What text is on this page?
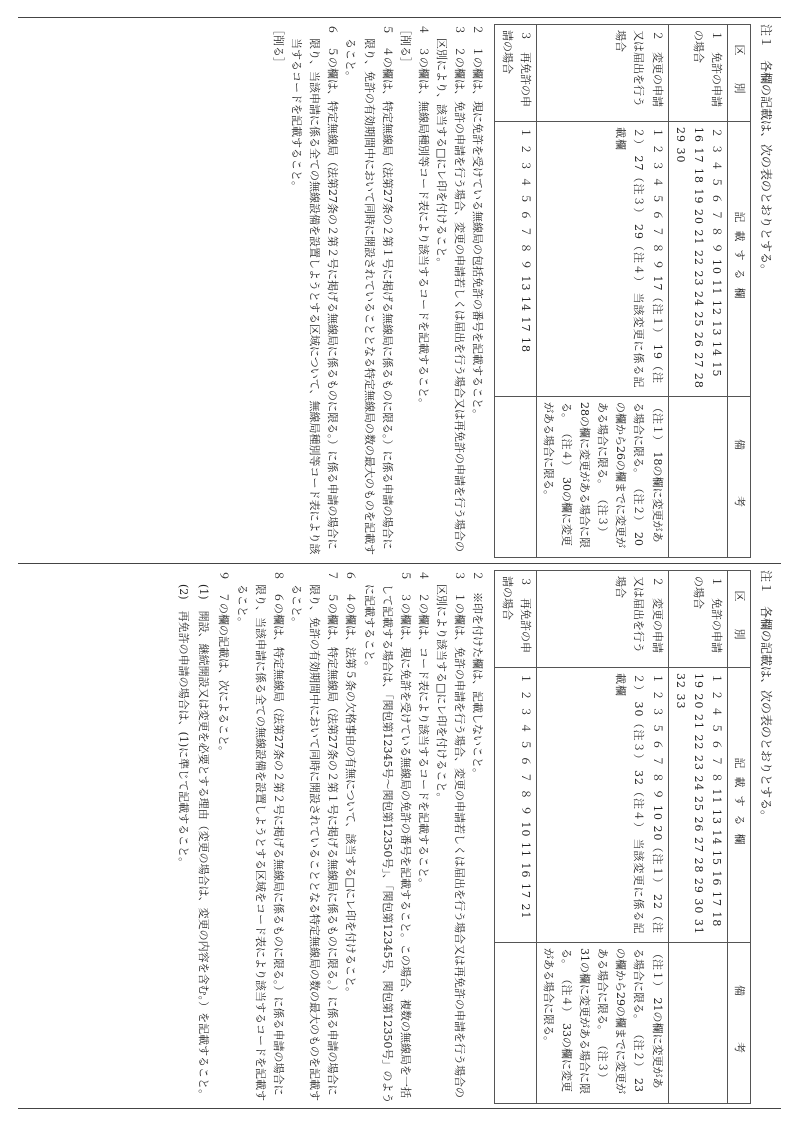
注１　各欄の記載は、次の表のとおりとする。

区　別	記載する欄	備　　考
１　免許の申請の場合	２ ３ ４ ５ ６ ７ ８ ９ 10 11 12 13 14 15 16 17 18 19 20 21 22 23 24 25 26 27 28 29 30	
２　変更の申請又は届出を行う場合	１ ２ ３ ４ ５ ６ ７ ８ ９ 17（注１） 19（注２） 27（注３） 29（注４） 当該変更に係る記載欄	（注１）　18の欄に変更がある場合に限る。 （注２）　20の欄から26の欄までに変更がある場合に限る。 （注３）　28の欄に変更がある場合に限る。 （注４）　30の欄に変更がある場合に限る。
３　再免許の申請の場合	１ ２ ３ ４ ５ ６ ７ ８ ９ 13 14 17 18	

２　１の欄は、現に免許を受けている無線局の包括免許の番号を記載すること。

３　２の欄は、免許の申請を行う場合、変更の申請若しくは届出を行う場合又は再免許の申請を行う場合の区別により、該当する□にレ印を付けること。

４　３の欄は、無線局種別等コード表により該当するコードを記載すること。

［削る］

５　４の欄は、特定無線局（法第27条の２第１号に掲げる無線局に係るものに限る。）に係る申請の場合に限り、免許の有効期間中において同時に開設されていることとなる特定無線局の数の最大のものを記載すること。

６　５の欄は、特定無線局（法第27条の２第２号に掲げる無線局に係るものに限る。）に係る申請の場合に限り、当該申請に係る全ての無線設備を設置しようとする区域について、無線局種別等コード表により該当するコードを記載すること。

［削る］

注１　各欄の記載は、次の表のとおりとする。

区　別	記載する欄	備　　考
１　免許の申請の場合	１ ２ ４ ５ ６ ７ ８ 11 13 14 15 16 17 18 19 20 21 22 23 24 25 26 27 28 29 30 31 32 33	
２　変更の申請又は届出を行う場合	１ ２ ３ ５ ６ ７ ８ ９ 10 20（注１） 22（注２） 30（注３） 32（注４） 当該変更に係る記載欄	（注１）　21の欄に変更がある場合に限る。 （注２）　23の欄から29の欄までに変更がある場合に限る。 （注３）　31の欄に変更がある場合に限る。 （注４）　33の欄に変更がある場合に限る。
３　再免許の申請の場合	１ ２ ３ ４ ５ ６ ７ ８ ９ 10 11 16 17 21	

２　※印を付けた欄は、記載しないこと。

３　１の欄は、免許の申請を行う場合、変更の申請若しくは届出を行う場合又は再免許の申請を行う場合の区別により該当する□にレ印を付けること。

４　２の欄は、コード表により該当するコードを記載すること。

５　３の欄は、現に免許を受けている無線局の免許の番号を記載すること。この場合、複数の無線局を一括して記載する場合は、「関包第12345号～関包第12350号」、「関包第12345号、関包第12350号」のように記載すること。

６　４の欄は、法第５条の欠格事由の有無について、該当する□にレ印を付けること。

７　５の欄は、特定無線局（法第27条の２第１号に掲げる無線局に係るものに限る。）に係る申請の場合に限り、免許の有効期間中において同時に開設されていることとなる特定無線局の数の最大のものを記載すること。

８　６の欄は、特定無線局（法第27条の２第２号に掲げる無線局に係るものに限る。）に係る申請の場合に限り、当該申請に係る全ての無線設備を設置しようとする区域をコード表により該当するコードを記載すること。

９　７の欄の記載は、次によること。

(1)　開設、継続開設又は変更を必要とする理由（変更の場合は、変更の内容を含む。）を記載すること。

(2)　再免許の申請の場合は、(1)に準じて記載すること。
